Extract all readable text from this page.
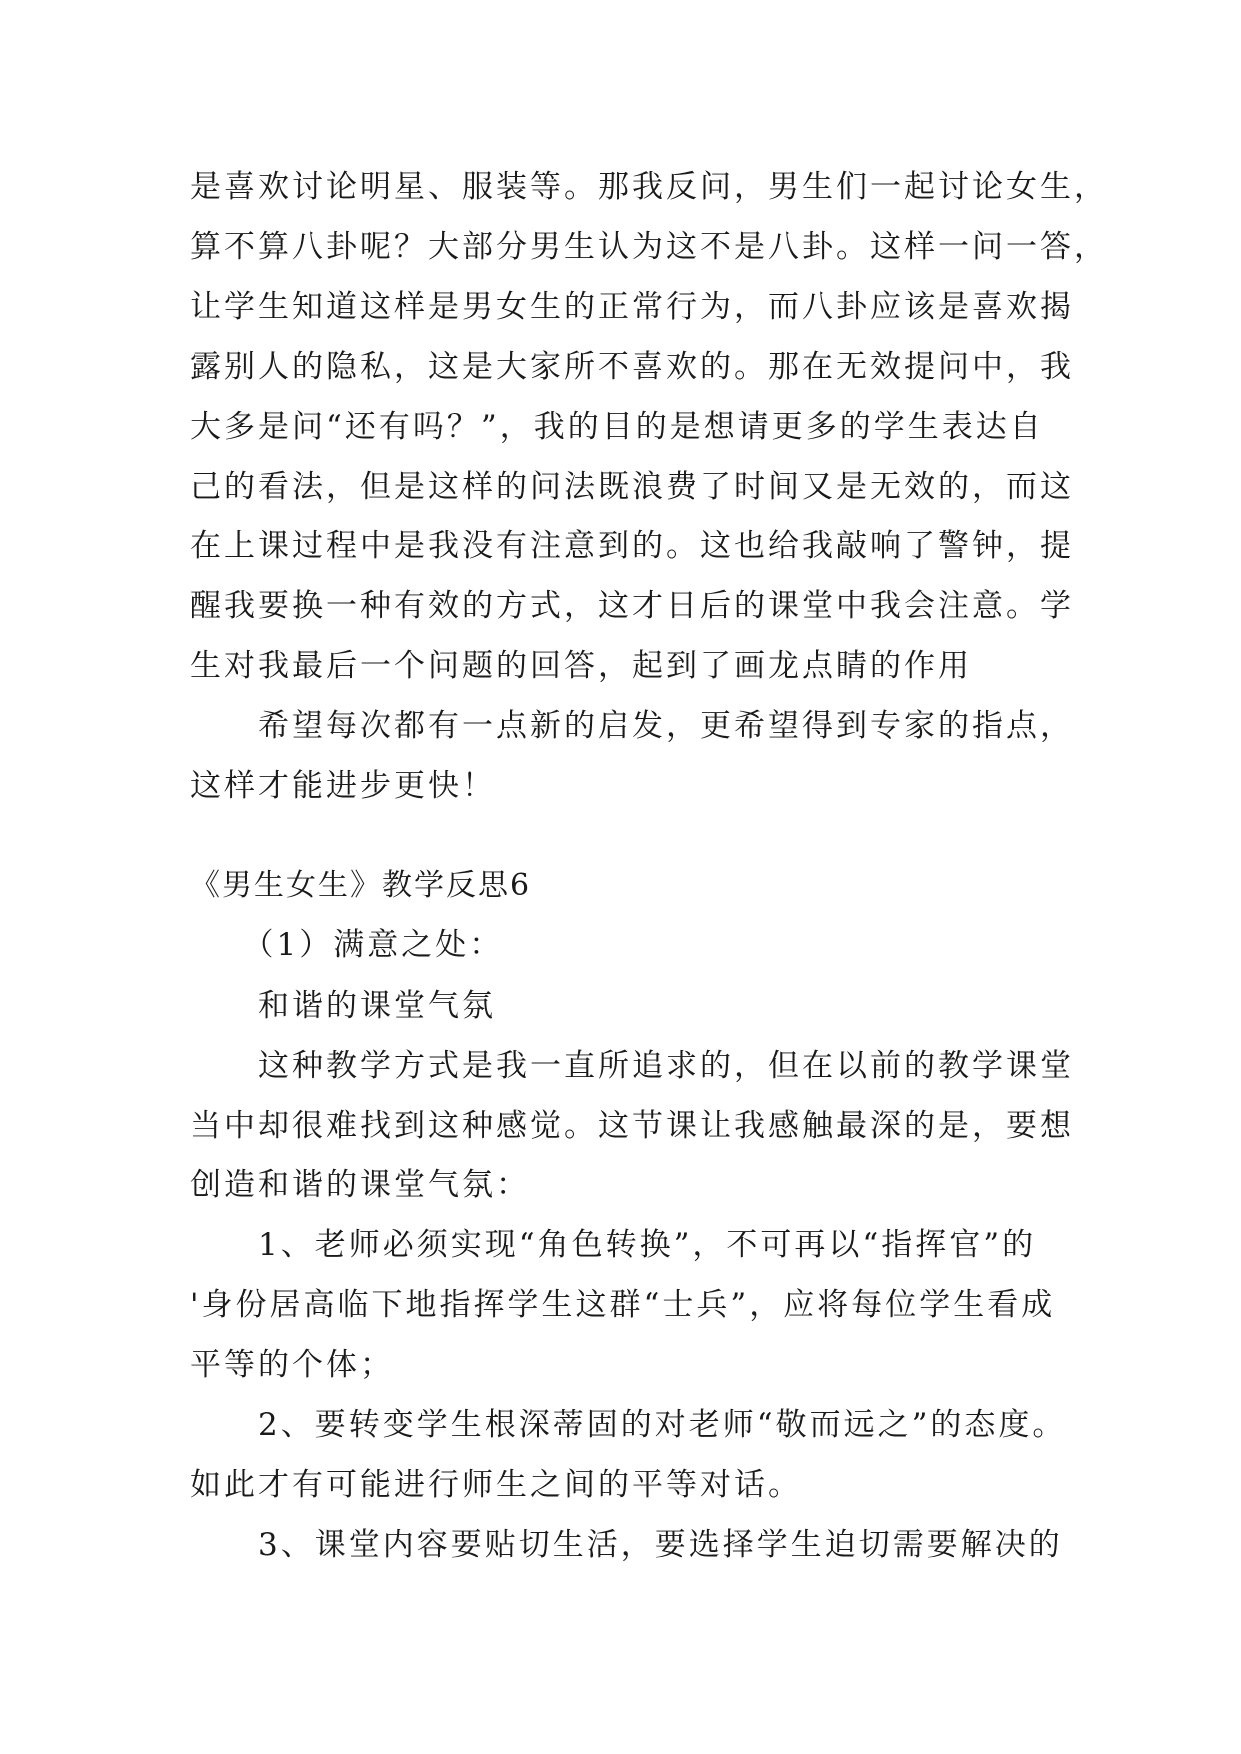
是喜欢讨论明星、服装等。那我反问，男生们一起讨论女生，
算不算八卦呢？大部分男生认为这不是八卦。这样一问一答，
让学生知道这样是男女生的正常行为，而八卦应该是喜欢揭
露别人的隐私，这是大家所不喜欢的。那在无效提问中，我
大多是问“还有吗？”，我的目的是想请更多的学生表达自
己的看法，但是这样的问法既浪费了时间又是无效的，而这
在上课过程中是我没有注意到的。这也给我敲响了警钟，提
醒我要换一种有效的方式，这才日后的课堂中我会注意。学
生对我最后一个问题的回答，起到了画龙点睛的作用
　　希望每次都有一点新的启发，更希望得到专家的指点，
这样才能进步更快！
《男生女生》教学反思6
　　（1）满意之处：
　　和谐的课堂气氛
　　这种教学方式是我一直所追求的，但在以前的教学课堂
当中却很难找到这种感觉。这节课让我感触最深的是，要想
创造和谐的课堂气氛：
　　1、老师必须实现“角色转换”，不可再以“指挥官”的
'身份居高临下地指挥学生这群“士兵”，应将每位学生看成
平等的个体；
　　2、要转变学生根深蒂固的对老师“敬而远之”的态度。
如此才有可能进行师生之间的平等对话。
　　3、课堂内容要贴切生活，要选择学生迫切需要解决的
